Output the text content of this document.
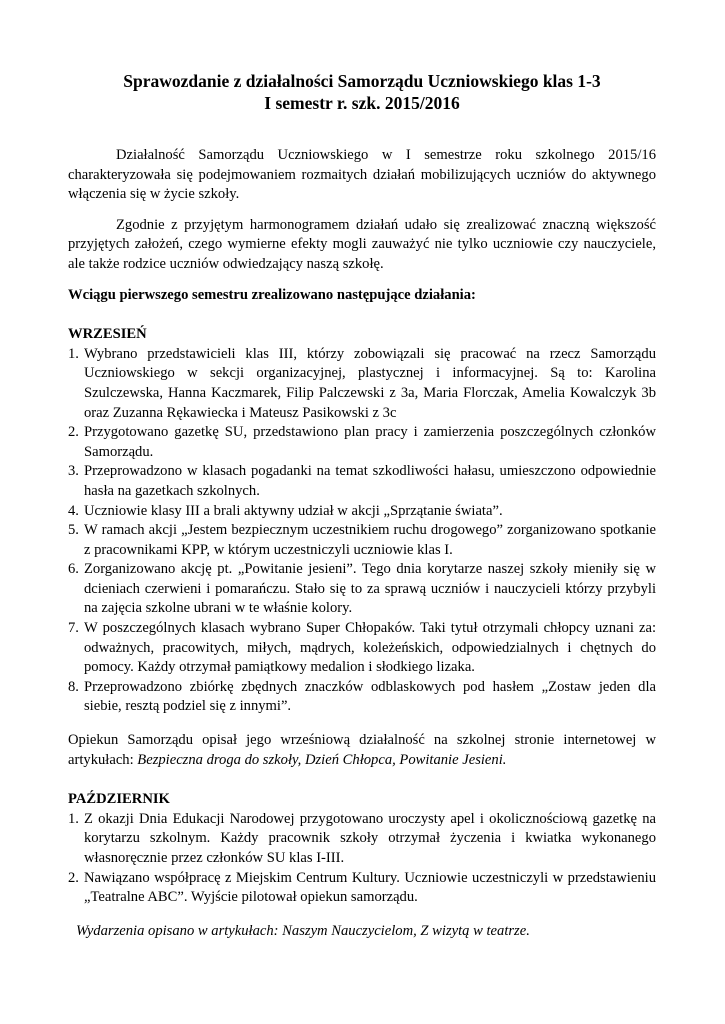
Sprawozdanie z działalności Samorządu Uczniowskiego klas 1-3
I semestr r. szk. 2015/2016

Działalność Samorządu Uczniowskiego w I semestrze roku szkolnego 2015/16 charakteryzowała się podejmowaniem rozmaitych działań mobilizujących uczniów do aktywnego włączenia się w życie szkoły.

Zgodnie z przyjętym harmonogramem działań udało się zrealizować znaczną większość przyjętych założeń, czego wymierne efekty mogli zauważyć nie tylko uczniowie czy nauczyciele, ale także rodzice uczniów odwiedzający naszą szkołę.

Wciągu pierwszego semestru zrealizowano następujące działania:

WRZESIEŃ

1. Wybrano przedstawicieli klas III, którzy zobowiązali się pracować na rzecz Samorządu Uczniowskiego w sekcji organizacyjnej, plastycznej i informacyjnej. Są to: Karolina Szulczewska, Hanna Kaczmarek, Filip Palczewski z 3a, Maria Florczak, Amelia Kowalczyk 3b oraz Zuzanna Rękawiecka i Mateusz Pasikowski z 3c
2. Przygotowano gazetkę SU, przedstawiono plan pracy i zamierzenia poszczególnych członków Samorządu.
3. Przeprowadzono w klasach pogadanki na temat szkodliwości hałasu, umieszczono odpowiednie hasła na gazetkach szkolnych.
4. Uczniowie klasy III a brali aktywny udział w akcji „Sprzątanie świata”.
5. W ramach akcji „Jestem bezpiecznym uczestnikiem ruchu drogowego” zorganizowano spotkanie z pracownikami KPP, w którym uczestniczyli uczniowie klas I.
6. Zorganizowano akcję pt. „Powitanie jesieni”. Tego dnia korytarze naszej szkoły mieniły się w dcieniach czerwieni i pomarańczu. Stało się to za sprawą uczniów i nauczycieli którzy przybyli na zajęcia szkolne ubrani w te właśnie kolory.
7. W poszczególnych klasach wybrano Super Chłopaków. Taki tytuł otrzymali chłopcy uznani za: odważnych, pracowitych, miłych, mądrych, koleżeńskich, odpowiedzialnych i chętnych do pomocy. Każdy otrzymał pamiątkowy medalion i słodkiego lizaka.
8. Przeprowadzono zbiórkę zbędnych znaczków odblaskowych pod hasłem „Zostaw jeden dla siebie, resztą podziel się z innymi”.

Opiekun Samorządu opisał jego wrześniową działalność na szkolnej stronie internetowej w artykułach: Bezpieczna droga do szkoły, Dzień Chłopca, Powitanie Jesieni.

PAŹDZIERNIK

1. Z okazji Dnia Edukacji Narodowej przygotowano uroczysty apel i okolicznościową gazetkę na korytarzu szkolnym. Każdy pracownik szkoły otrzymał życzenia i kwiatka wykonanego własnoręcznie przez członków SU klas I-III.
2. Nawiązano współpracę z Miejskim Centrum Kultury. Uczniowie uczestniczyli w przedstawieniu „Teatralne ABC”. Wyjście pilotował opiekun samorządu.

Wydarzenia opisano w artykułach: Naszym Nauczycielom, Z wizytą w teatrze.
